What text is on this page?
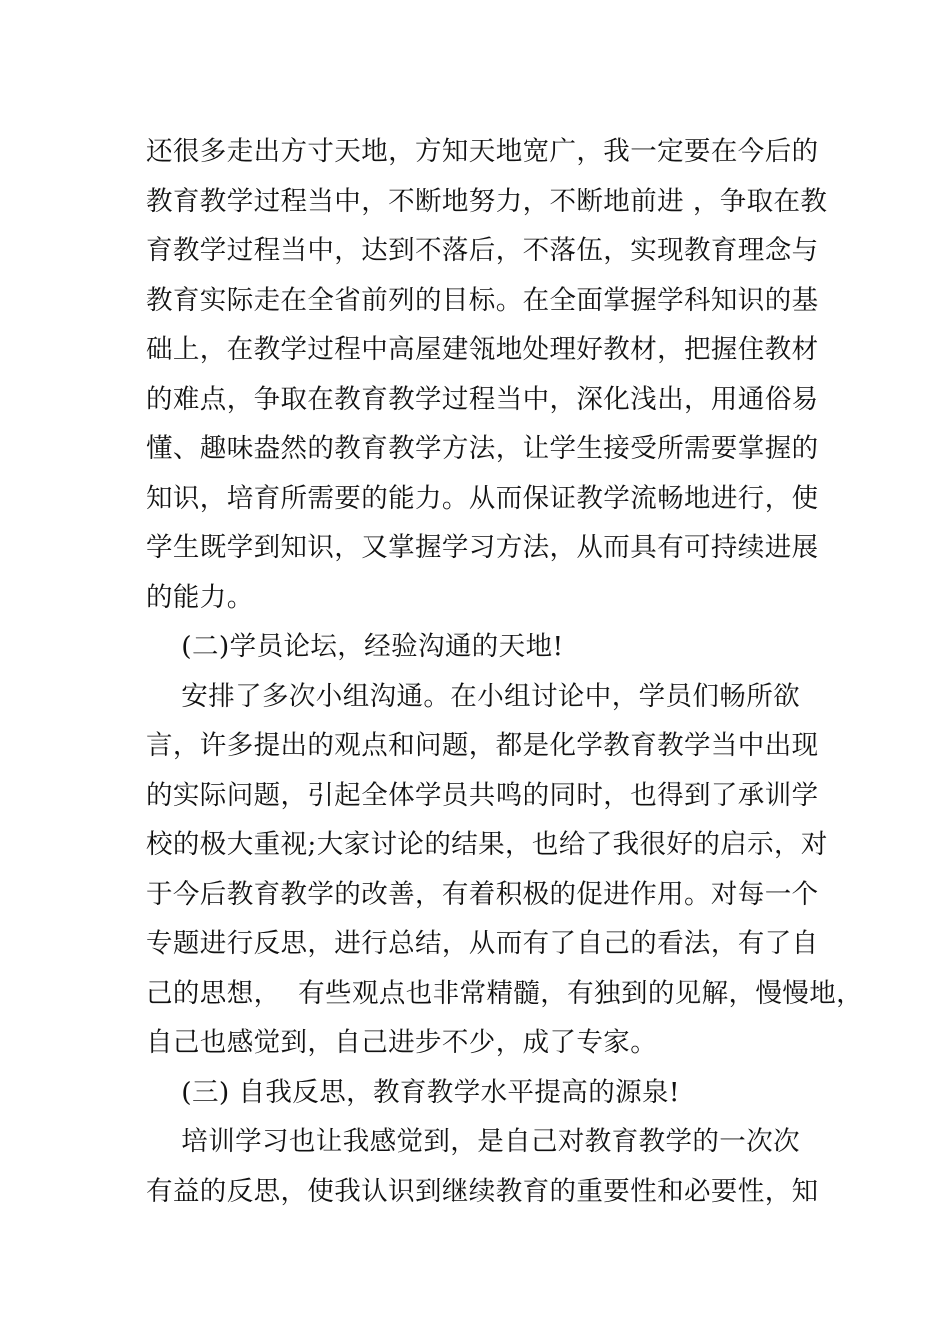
还很多走出方寸天地，方知天地宽广，我一定要在今后的
教育教学过程当中，不断地努力，不断地前进 ，争取在教
育教学过程当中，达到不落后，不落伍，实现教育理念与
教育实际走在全省前列的目标。在全面掌握学科知识的基
础上，在教学过程中高屋建瓴地处理好教材，把握住教材
的难点，争取在教育教学过程当中，深化浅出，用通俗易
懂、趣味盎然的教育教学方法，让学生接受所需要掌握的
知识，培育所需要的能力。从而保证教学流畅地进行，使
学生既学到知识，又掌握学习方法，从而具有可持续进展
的能力。
(二)学员论坛，经验沟通的天地!
安排了多次小组沟通。在小组讨论中，学员们畅所欲
言，许多提出的观点和问题，都是化学教育教学当中出现
的实际问题，引起全体学员共鸣的同时，也得到了承训学
校的极大重视;大家讨论的结果，也给了我很好的启示，对
于今后教育教学的改善，有着积极的促进作用。对每一个
专题进行反思，进行总结，从而有了自己的看法，有了自
己的思想，  有些观点也非常精髓，有独到的见解，慢慢地，
自己也感觉到，自己进步不少，成了专家。
(三) 自我反思，教育教学水平提高的源泉!
培训学习也让我感觉到，是自己对教育教学的一次次
有益的反思，使我认识到继续教育的重要性和必要性，知
